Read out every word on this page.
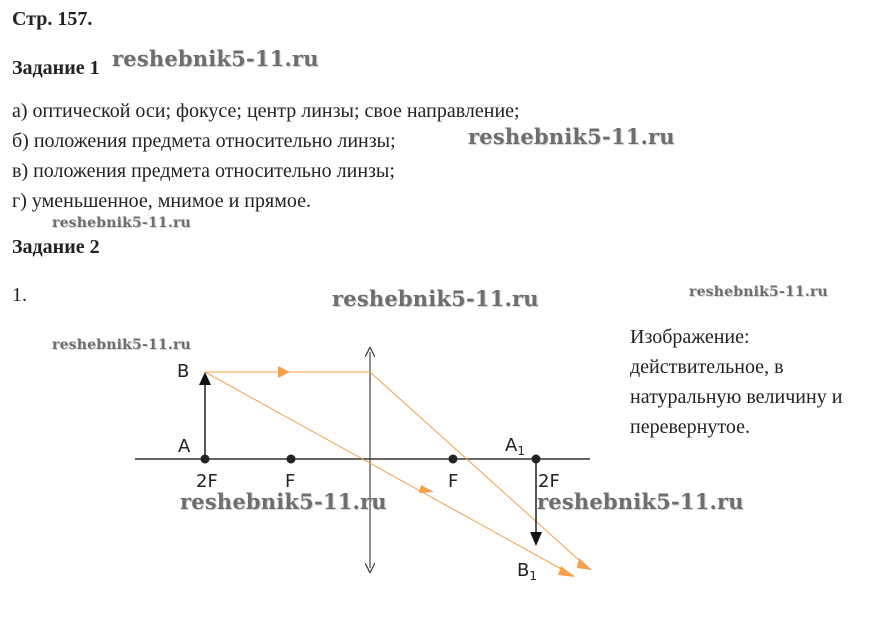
Стр. 157.
Задание 1
а) оптической оси; фокусе; центр линзы; свое направление;
б) положения предмета относительно линзы;
в) положения предмета относительно линзы;
г) уменьшенное, мнимое и прямое.
Задание 2
1.
Изображение:
действительное, в
натуральную величину и
перевернутое.
B
A
2F	F	F
$A_1$
2F
$B_1$
reshebnik5-11.ru
reshebnik5-11.ru
reshebnik5-11.ru
reshebnik5-11.ru	reshebnik5-11.ru
reshebnik5-11.ru
reshebnik5-11.ru	reshebnik5-11.ru
